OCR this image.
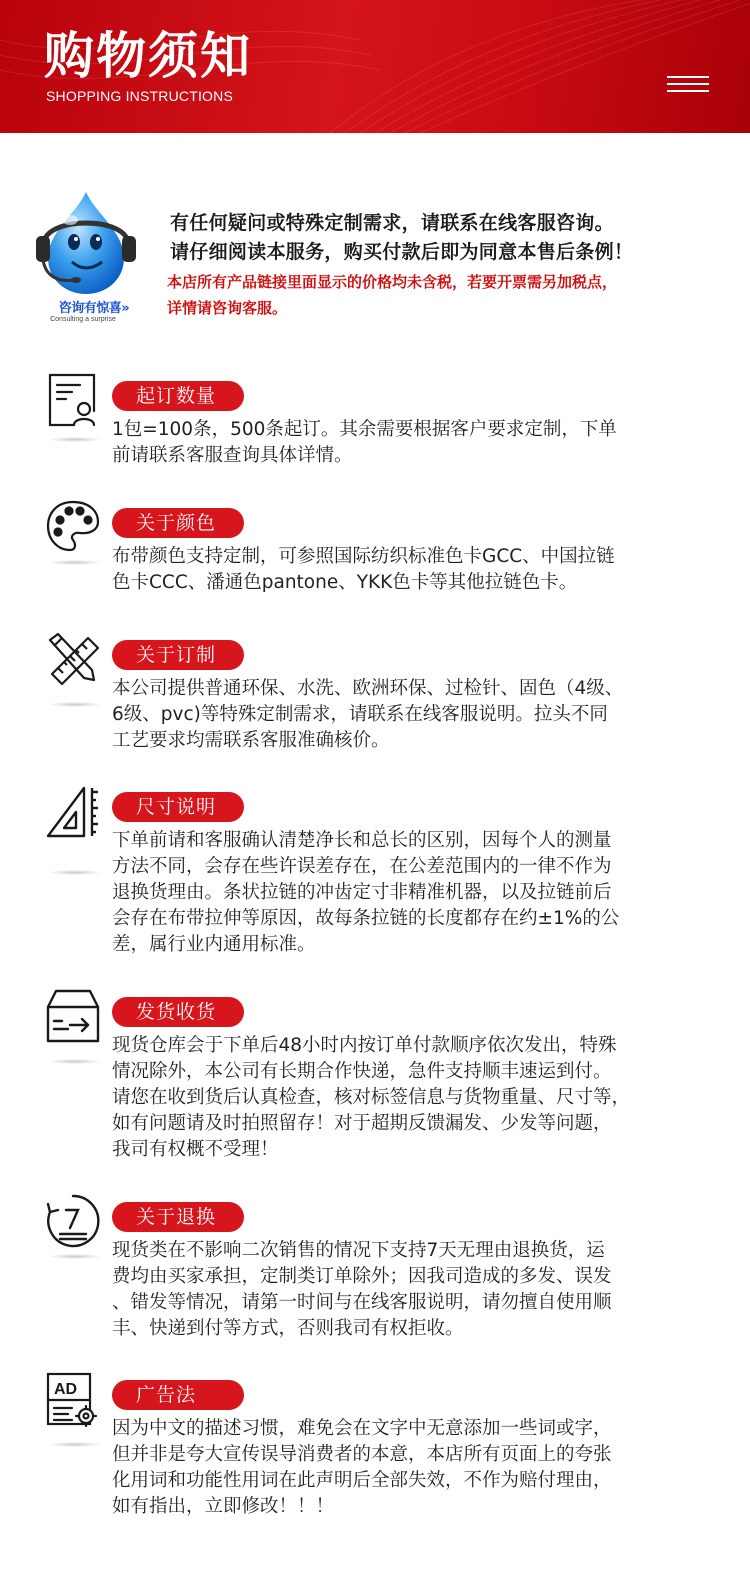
购物须知
SHOPPING INSTRUCTIONS
咨询有惊喜»
Consulting a surprise
有任何疑问或特殊定制需求，请联系在线客服咨询。
请仔细阅读本服务，购买付款后即为同意本售后条例！
本店所有产品链接里面显示的价格均未含税，若要开票需另加税点，
详情请咨询客服。
起订数量
1包=100条，500条起订。其余需要根据客户要求定制，下单
前请联系客服查询具体详情。
关于颜色
布带颜色支持定制，可参照国际纺织标准色卡GCC、中国拉链
色卡CCC、潘通色pantone、YKK色卡等其他拉链色卡。
关于订制
本公司提供普通环保、水洗、欧洲环保、过检针、固色（4级、
6级、pvc)等特殊定制需求，请联系在线客服说明。拉头不同
工艺要求均需联系客服准确核价。
尺寸说明
下单前请和客服确认清楚净长和总长的区别，因每个人的测量
方法不同，会存在些许误差存在，在公差范围内的一律不作为
退换货理由。条状拉链的冲齿定寸非精准机器，以及拉链前后
会存在布带拉伸等原因，故每条拉链的长度都存在约±1%的公
差，属行业内通用标准。
发货收货
现货仓库会于下单后48小时内按订单付款顺序依次发出，特殊
情况除外，本公司有长期合作快递，急件支持顺丰速运到付。
请您在收到货后认真检查，核对标签信息与货物重量、尺寸等，
如有问题请及时拍照留存！对于超期反馈漏发、少发等问题，
我司有权概不受理！
关于退换
现货类在不影响二次销售的情况下支持7天无理由退换货，运
费均由买家承担，定制类订单除外；因我司造成的多发、误发
、错发等情况，请第一时间与在线客服说明，请勿擅自使用顺
丰、快递到付等方式，否则我司有权拒收。
AD	广告法
因为中文的描述习惯，难免会在文字中无意添加一些词或字，
但并非是夸大宣传误导消费者的本意，本店所有页面上的夸张
化用词和功能性用词在此声明后全部失效，不作为赔付理由，
如有指出，立即修改！！！
